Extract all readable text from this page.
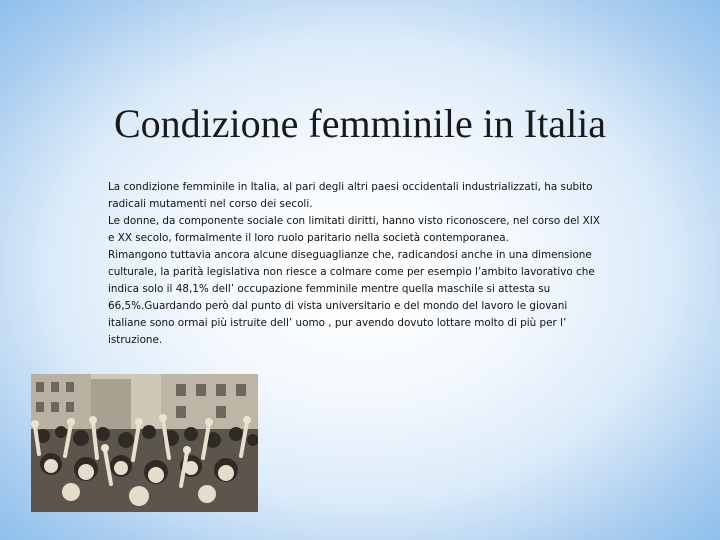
Condizione femminile in Italia

La condizione femminile in Italia, al pari degli altri paesi occidentali industrializzati, ha subito radicali mutamenti nel corso dei secoli.

Le donne, da componente sociale con limitati diritti, hanno visto riconoscere, nel corso del XIX e XX secolo, formalmente il loro ruolo paritario nella società contemporanea.

Rimangono tuttavia ancora alcune diseguaglianze che, radicandosi anche in una dimensione culturale, la parità legislativa non riesce a colmare come per esempio l’ambito lavorativo che indica solo il 48,1% dell’ occupazione femminile mentre quella maschile si attesta su 66,5%.Guardando però dal punto di vista universitario e del mondo del lavoro le giovani italiane sono ormai più istruite dell’ uomo , pur avendo dovuto lottare molto di più per l’ istruzione.
